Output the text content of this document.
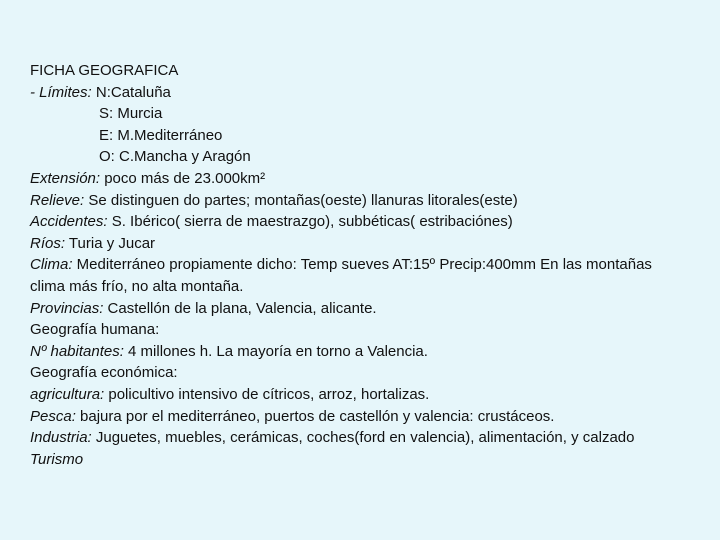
FICHA GEOGRAFICA
- Límites: N:Cataluña
S: Murcia
E: M.Mediterráneo
O: C.Mancha y Aragón
Extensión: poco más de 23.000km²
Relieve: Se distinguen do partes; montañas(oeste) llanuras litorales(este)
Accidentes: S. Ibérico( sierra de maestrazgo), subbéticas( estribaciónes)
Ríos: Turia y Jucar
Clima: Mediterráneo propiamente dicho: Temp sueves AT:15º Precip:400mm En las montañas clima más frío, no alta montaña.
Provincias: Castellón de la plana, Valencia, alicante.
Geografía humana:
Nº habitantes: 4 millones h. La mayoría en torno a Valencia.
Geografía económica:
agricultura: policultivo intensivo de cítricos, arroz, hortalizas.
Pesca: bajura por el mediterráneo, puertos de castellón y valencia: crustáceos.
Industria: Juguetes, muebles, cerámicas, coches(ford en valencia), alimentación, y calzado
Turismo
